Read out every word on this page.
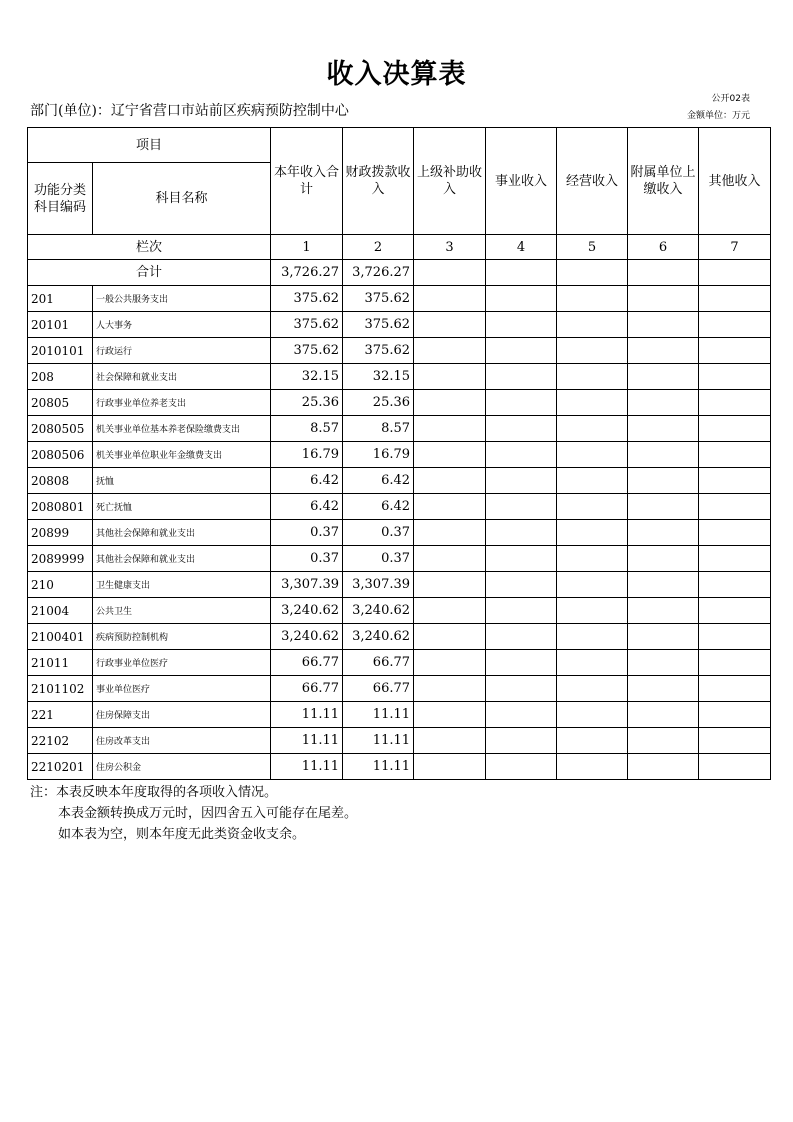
收入决算表
公开02表
部门(单位)：辽宁省营口市站前区疾病预防控制中心	金额单位：万元
项目		本年收入合计	财政拨款收入	上级补助收入	事业收入	经营收入	附属单位上缴收入	其他收入
功能分类科目编码	科目名称							
栏次		1	2	3	4	5	6	7
合计		3,726.27	3,726.27					
201	一般公共服务支出	375.62	375.62					
20101	人大事务	375.62	375.62					
2010101	行政运行	375.62	375.62					
208	社会保障和就业支出	32.15	32.15					
20805	行政事业单位养老支出	25.36	25.36					
2080505	机关事业单位基本养老保险缴费支出	8.57	8.57					
2080506	机关事业单位职业年金缴费支出	16.79	16.79					
20808	抚恤	6.42	6.42					
2080801	死亡抚恤	6.42	6.42					
20899	其他社会保障和就业支出	0.37	0.37					
2089999	其他社会保障和就业支出	0.37	0.37					
210	卫生健康支出	3,307.39	3,307.39					
21004	公共卫生	3,240.62	3,240.62					
2100401	疾病预防控制机构	3,240.62	3,240.62					
21011	行政事业单位医疗	66.77	66.77					
2101102	事业单位医疗	66.77	66.77					
221	住房保障支出	11.11	11.11					
22102	住房改革支出	11.11	11.11					
2210201	住房公积金	11.11	11.11					
注：本表反映本年度取得的各项收入情况。
本表金额转换成万元时，因四舍五入可能存在尾差。
如本表为空，则本年度无此类资金收支余。
